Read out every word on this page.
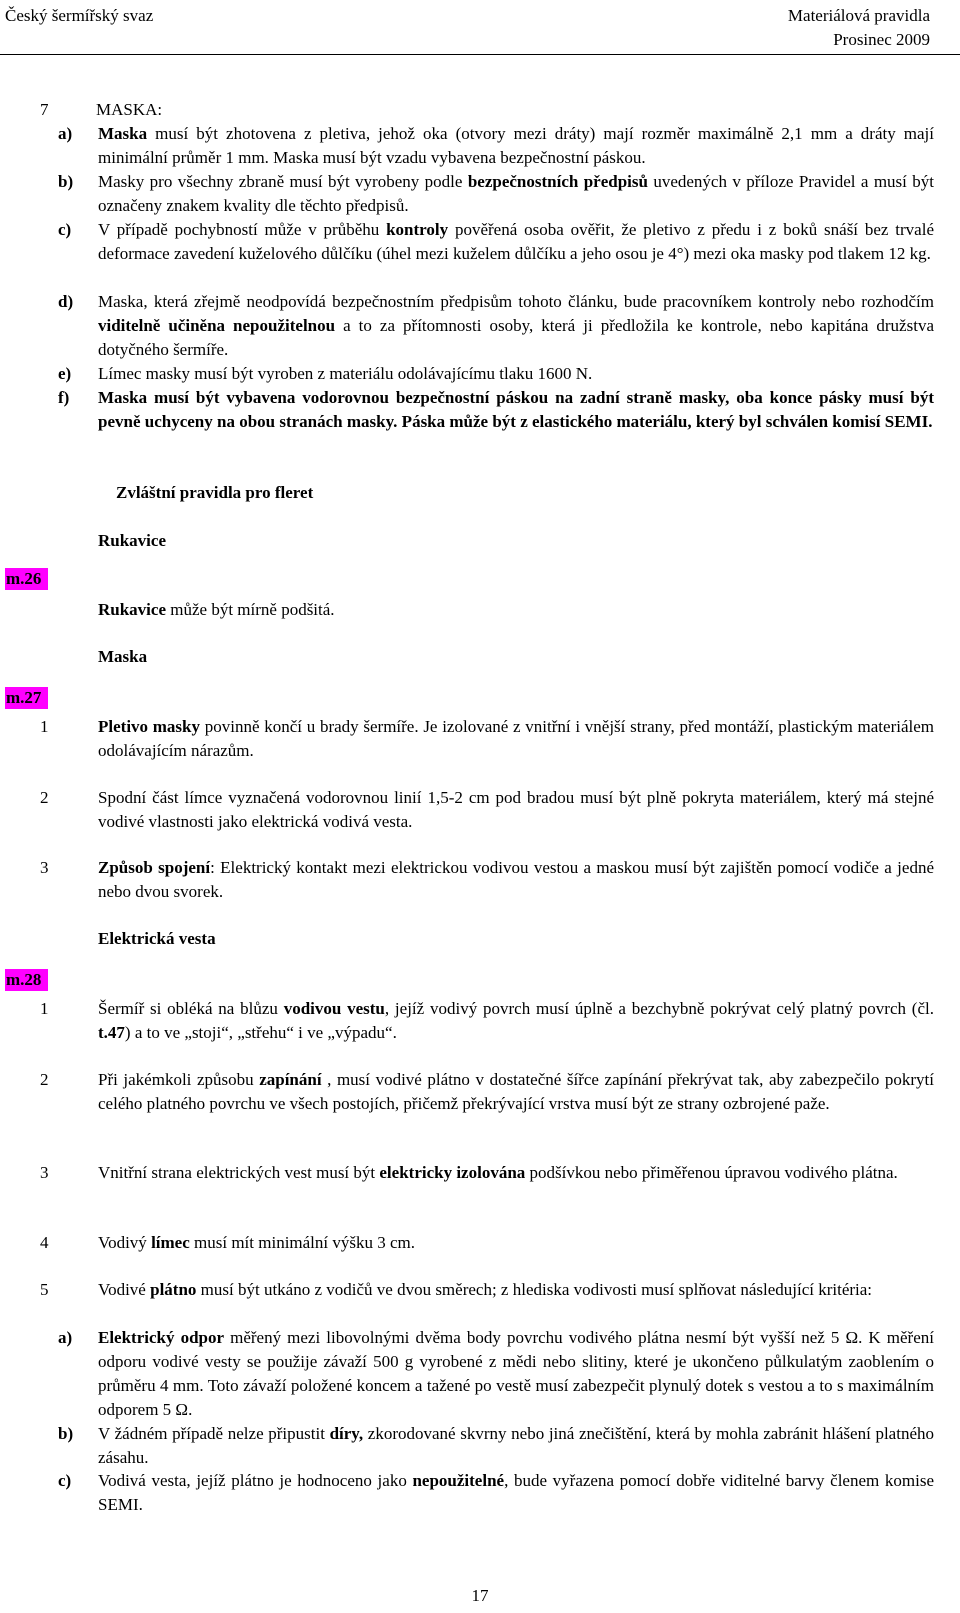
Český šermířský svaz	Materiálová pravidla
Prosinec 2009
7	MASKA:
a)	Maska musí být zhotovena z pletiva, jehož oka (otvory mezi dráty) mají rozměr maximálně 2,1 mm a dráty mají minimální průměr 1 mm. Maska musí být vzadu vybavena bezpečnostní páskou.
b)	Masky pro všechny zbraně musí být vyrobeny podle bezpečnostních předpisů uvedených v příloze Pravidel a musí být označeny znakem kvality dle těchto předpisů.
c)	V případě pochybností může v průběhu kontroly pověřená osoba ověřit, že pletivo z předu i z boků snáší bez trvalé deformace zavedení kuželového důlčíku (úhel mezi kuželem důlčíku a jeho osou je 4°) mezi oka masky pod tlakem 12 kg.
d)	Maska, která zřejmě neodpovídá bezpečnostním předpisům tohoto článku, bude pracovníkem kontroly nebo rozhodčím viditelně učiněna nepoužitelnou a to za přítomnosti osoby, která ji předložila ke kontrole, nebo kapitána družstva dotyčného šermíře.
e)	Límec masky musí být vyroben z materiálu odolávajícímu tlaku 1600 N.
f)	Maska musí být vybavena vodorovnou bezpečnostní páskou na zadní straně masky, oba konce pásky musí být pevně uchyceny na obou stranách masky. Páska může být z elastického materiálu, který byl schválen komisí SEMI.
Zvláštní pravidla pro fleret
Rukavice
m.26
Rukavice může být mírně podšitá.
Maska
m.27
1	Pletivo masky povinně končí u brady šermíře. Je izolované z vnitřní i vnější strany, před montáží, plastickým materiálem odolávajícím nárazům.
2	Spodní část límce vyznačená vodorovnou linií 1,5-2 cm pod bradou musí být plně pokryta materiálem, který má stejné vodivé vlastnosti jako elektrická vodivá vesta.
3	Způsob spojení: Elektrický kontakt mezi elektrickou vodivou vestou a maskou musí být zajištěn pomocí vodiče a jedné nebo dvou svorek.
Elektrická vesta
m.28
1	Šermíř si obléká na blůzu vodivou vestu, jejíž vodivý povrch musí úplně a bezchybně pokrývat celý platný povrch (čl. t.47) a to ve „stoji“, „střehu“ i ve „výpadu“.
2	Při jakémkoli způsobu zapínání , musí vodivé plátno v dostatečné šířce zapínání překrývat tak, aby zabezpečilo pokrytí celého platného povrchu ve všech postojích, přičemž překrývající vrstva musí být ze strany ozbrojené paže.
3	Vnitřní strana elektrických vest musí být elektricky izolována podšívkou nebo přiměřenou úpravou vodivého plátna.
4	Vodivý límec musí mít minimální výšku 3 cm.
5	Vodivé plátno musí být utkáno z vodičů ve dvou směrech; z hlediska vodivosti musí splňovat následující kritéria:
a)	Elektrický odpor měřený mezi libovolnými dvěma body povrchu vodivého plátna nesmí být vyšší než 5 Ω. K měření odporu vodivé vesty se použije závaží 500 g vyrobené z mědi nebo slitiny, které je ukončeno půlkulatým zaoblením o průměru 4 mm. Toto závaží položené koncem a tažené po vestě musí zabezpečit plynulý dotek s vestou a to s maximálním odporem 5 Ω.
b)	V žádném případě nelze připustit díry, zkorodované skvrny nebo jiná znečištění, která by mohla zabránit hlášení platného zásahu.
c)	Vodivá vesta, jejíž plátno je hodnoceno jako nepoužitelné, bude vyřazena pomocí dobře viditelné barvy členem komise SEMI.
17
